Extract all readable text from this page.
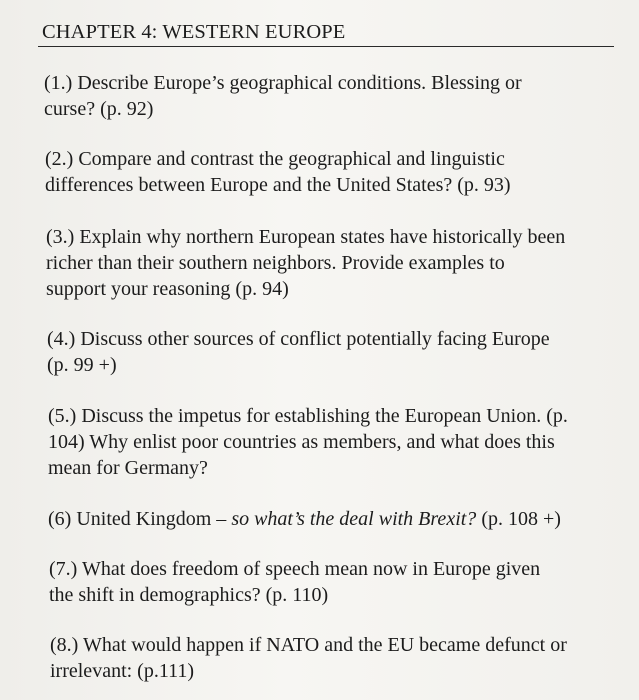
CHAPTER 4: WESTERN EUROPE
(1.) Describe Europe’s geographical conditions. Blessing or
curse? (p. 92)
(2.) Compare and contrast the geographical and linguistic
differences between Europe and the United States? (p. 93)
(3.) Explain why northern European states have historically been
richer than their southern neighbors. Provide examples to
support your reasoning (p. 94)
(4.) Discuss other sources of conflict potentially facing Europe
(p. 99 +)
(5.) Discuss the impetus for establishing the European Union. (p.
104) Why enlist poor countries as members, and what does this
mean for Germany?
(6) United Kingdom – so what’s the deal with Brexit? (p. 108 +)
(7.) What does freedom of speech mean now in Europe given
the shift in demographics? (p. 110)
(8.) What would happen if NATO and the EU became defunct or
irrelevant: (p.111)
